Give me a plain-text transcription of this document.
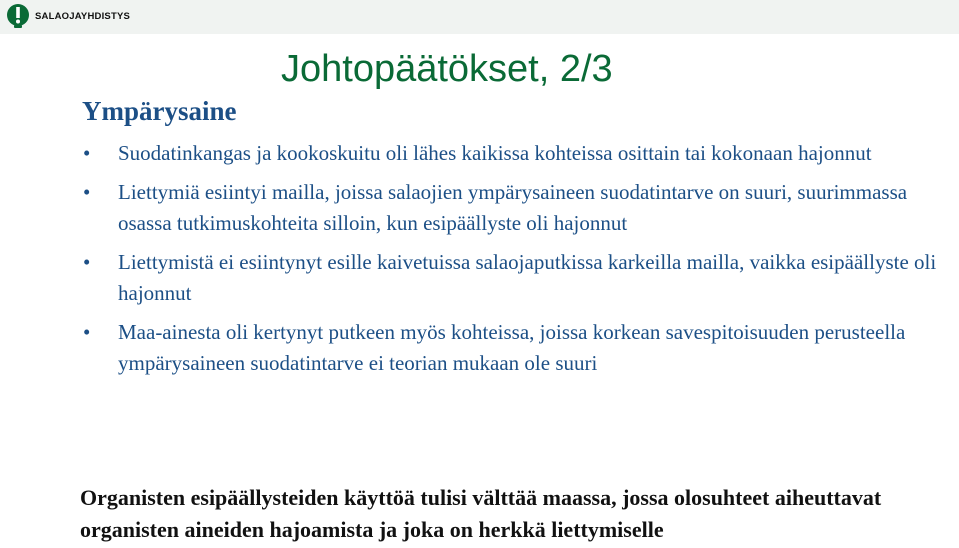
SALAOJAYHDISTYS
Johtopäätökset, 2/3
Ympärysaine
• Suodatinkangas ja kookoskuitu oli lähes kaikissa kohteissa osittain tai kokonaan hajonnut
• Liettymiä esiintyi mailla, joissa salaojien ympärysaineen suodatintarve on suuri, suurimmassa osassa tutkimuskohteita silloin, kun esipäällyste oli hajonnut
• Liettymistä ei esiintynyt esille kaivetuissa salaojaputkissa karkeilla mailla, vaikka esipäällyste oli hajonnut
• Maa-ainesta oli kertynyt putkeen myös kohteissa, joissa korkean savespitoisuuden perusteella ympärysaineen suodatintarve ei teorian mukaan ole suuri

Organisten esipäällysteiden käyttöä tulisi välttää maassa, jossa olosuhteet aiheuttavat organisten aineiden hajoamista ja joka on herkkä liettymiselle
